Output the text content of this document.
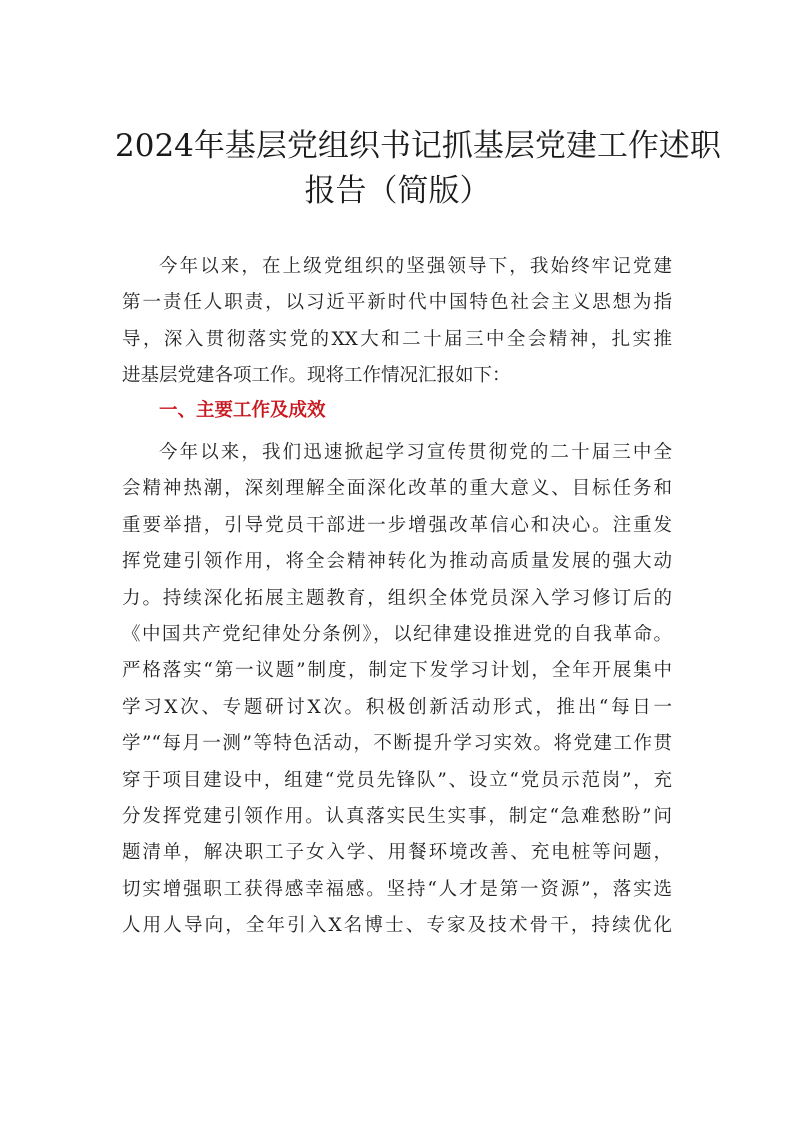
2024年基层党组织书记抓基层党建工作述职
报告（简版）
今年以来，在上级党组织的坚强领导下，我始终牢记党建
第一责任人职责，以习近平新时代中国特色社会主义思想为指
导，深入贯彻落实党的XX大和二十届三中全会精神，扎实推
进基层党建各项工作。现将工作情况汇报如下：
一、主要工作及成效
今年以来，我们迅速掀起学习宣传贯彻党的二十届三中全
会精神热潮，深刻理解全面深化改革的重大意义、目标任务和
重要举措，引导党员干部进一步增强改革信心和决心。注重发
挥党建引领作用，将全会精神转化为推动高质量发展的强大动
力。持续深化拓展主题教育，组织全体党员深入学习修订后的
《中国共产党纪律处分条例》，以纪律建设推进党的自我革命。
严格落实“第一议题”制度，制定下发学习计划，全年开展集中
学习X次、专题研讨X次。积极创新活动形式，推出“每日一
学”“每月一测”等特色活动，不断提升学习实效。将党建工作贯
穿于项目建设中，组建“党员先锋队”、设立“党员示范岗”，充
分发挥党建引领作用。认真落实民生实事，制定“急难愁盼”问
题清单，解决职工子女入学、用餐环境改善、充电桩等问题，
切实增强职工获得感幸福感。坚持“人才是第一资源”，落实选
人用人导向，全年引入X名博士、专家及技术骨干，持续优化
